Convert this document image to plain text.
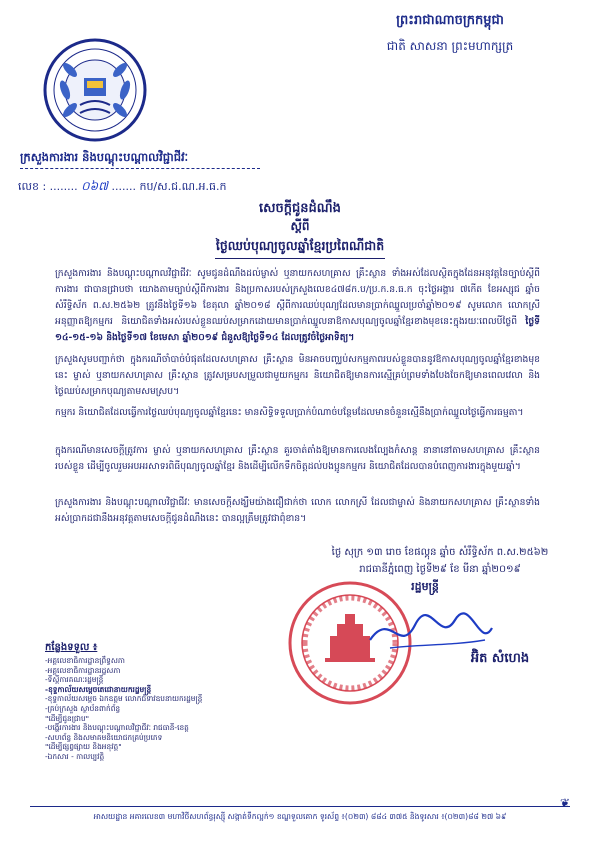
ព្រះរាជាណាចក្រកម្ពុជា
ជាតិ សាសនា ព្រះមហាក្សត្រ
ក្រសួងការងារ និងបណ្តុះបណ្តាលវិជ្ជាជីវៈ
លេខ : ........ ០៦៧ ....... កប/ស.ជ.ណ.អ.ធ.ក
សេចក្តីជូនដំណឹង
ស្តីពី
ថ្ងៃឈប់បុណ្យចូលឆ្នាំខ្មែរប្រពៃណីជាតិ
ក្រសួងការងារ និងបណ្តុះបណ្តាលវិជ្ជាជីវៈ សូមជូនដំណឹងដល់ម្ចាស់ ឬនាយកសហគ្រាស គ្រឹះស្ថាន ទាំងអស់ដែលស្ថិតក្នុងដែនអនុវត្តនៃច្បាប់ស្តីពីការងារ ជាបានជ្រាបថា យោងតាមច្បាប់ស្តីពីការងារ និងប្រកាសរបស់ក្រសួងលេខ៤៧៨ក.ប/ប្រ.ក.ន.ធ.ក ចុះថ្ងៃអង្គារ ៧កើត ខែអស្សុជ ឆ្នាំច សំរឹទ្ធិស័ក ព.ស.២៥៦២ ត្រូវនឹងថ្ងៃទី១៦ ខែតុលា ឆ្នាំ២០១៨ ស្តីពីការឈប់បុណ្យដែលមានប្រាក់ឈ្នួលប្រចាំឆ្នាំ២០១៩ សូមលោក លោកស្រី អនុញ្ញាតឱ្យកម្មករ និយោជិតទាំងអស់របស់ខ្លួនឈប់សម្រាកដោយមានប្រាក់ឈ្នួលនាឱកាសបុណ្យចូលឆ្នាំខ្មែរខាងមុខនេះក្នុងរយៈពេលបីថ្ងៃពី ថ្ងៃទី ១៤-១៥-១៦ និងថ្ងៃទី១៧ ខែមេសា ឆ្នាំ២០១៩ ជំនួសឱ្យថ្ងៃទី១៤ ដែលត្រូវចំថ្ងៃអាទិត្យ។
ក្រសួងសូមបញ្ជាក់ថា ក្នុងករណីចាំបាច់បំផុតដែលសហគ្រាស គ្រឹះស្ថាន មិនអាចបញ្ឈប់សកម្មភាពរបស់ខ្លួនបាននូវឱកាសបុណ្យចូលឆ្នាំខ្មែរខាងមុខនេះ ម្ចាស់ ឬនាយកសហគ្រាស គ្រឹះស្ថាន ត្រូវសម្របសម្រួលជាមួយកម្មករ និយោជិតឱ្យមានការស្មើគ្រប់ព្រមទាំងបែងចែកឱ្យមានពេលវេលា និងថ្ងៃឈប់សម្រាកបុណ្យតាមសមស្រប។
កម្មករ និយោជិតដែលធ្វើការថ្ងៃឈប់បុណ្យចូលឆ្នាំខ្មែរនេះ មានសិទ្ធិទទួលប្រាក់បំណាច់បន្ថែមដែលមានចំនួនស្មើនឹងប្រាក់ឈ្នួលថ្ងៃធ្វើការធម្មតា។
ក្នុងករណីមានសេចក្តីត្រូវការ ម្ចាស់ ឬនាយកសហគ្រាស គ្រឹះស្ថាន គួរចាត់តាំងឱ្យមានការលេងល្បែងកំសាន្ត នានានៅតាមសហគ្រាស គ្រឹះស្ថានរបស់ខ្លួន ដើម្បីចូលរួមអបអរសាទរពិធីបុណ្យចូលឆ្នាំខ្មែរ និងដើម្បីលើកទឹកចិត្តដល់បងប្អូនកម្មករ និយោជិតដែលបានបំពេញការងារក្នុងមួយឆ្នាំ។
ក្រសួងការងារ និងបណ្តុះបណ្តាលវិជ្ជាជីវៈ មានសេចក្តីសង្ឃឹមយ៉ាងជឿជាក់ថា លោក លោកស្រី ដែលជាម្ចាស់ និងនាយកសហគ្រាស គ្រឹះស្ថានទាំងអស់ប្រាកដជានឹងអនុវត្តតាមសេចក្តីជូនដំណឹងនេះ បានល្អត្រឹមត្រូវជាពុំខាន។
ថ្ងៃ សុក្រ ១៣ រោច ខែផល្គុន ឆ្នាំច សំរឹទ្ធិស័ក ព.ស.២៥៦២
រាជធានីភ្នំពេញ ថ្ងៃទី២៩ ខែ មីនា ឆ្នាំ២០១៩
រដ្ឋមន្ត្រី
អ៊ិត សំហេង
កន្លែងទទួល ៖
-អគ្គលេខាធិការដ្ឋានព្រឹទ្ធសភា
-អគ្គលេខាធិការដ្ឋានរដ្ឋសភា
-ទីស្តីការគណៈរដ្ឋមន្ត្រី
-ខុទ្ទកាល័យសម្តេចតេជោនាយករដ្ឋមន្ត្រី
-ខុទ្ទកាល័យសម្តេច ឯកឧត្តម លោកជំទាវឧបនាយករដ្ឋមន្ត្រី
-គ្រប់ក្រសួង ស្ថាប័នពាក់ព័ន្ធ
"ដើម្បីជូនជ្រាប"
-បង្ហើរការងារ និងបណ្តុះបណ្តាលវិជ្ជាជីវៈ រាជធានី-ខេត្ត
-សហព័ន្ធ និងសមាគមនិយោជកគ្រប់ប្រភេទ
"ដើម្បីផ្សព្វផ្សាយ និងអនុវត្ត"
-ឯកសារ - កាលប្បវត្តិ
❦
អាសយដ្ឋាន អគារលេខ៣ មហាវិថីសហព័ន្ធរុស្ស៊ី សង្កាត់ទឹកល្អក់១ ខណ្ឌទួលគោក ទូរស័ព្ទ ៖(០២៣) ៨៨៤ ៣៧៥ និងទូរសារ ៖(០២៣)៨៨ ២៧ ៦៩
